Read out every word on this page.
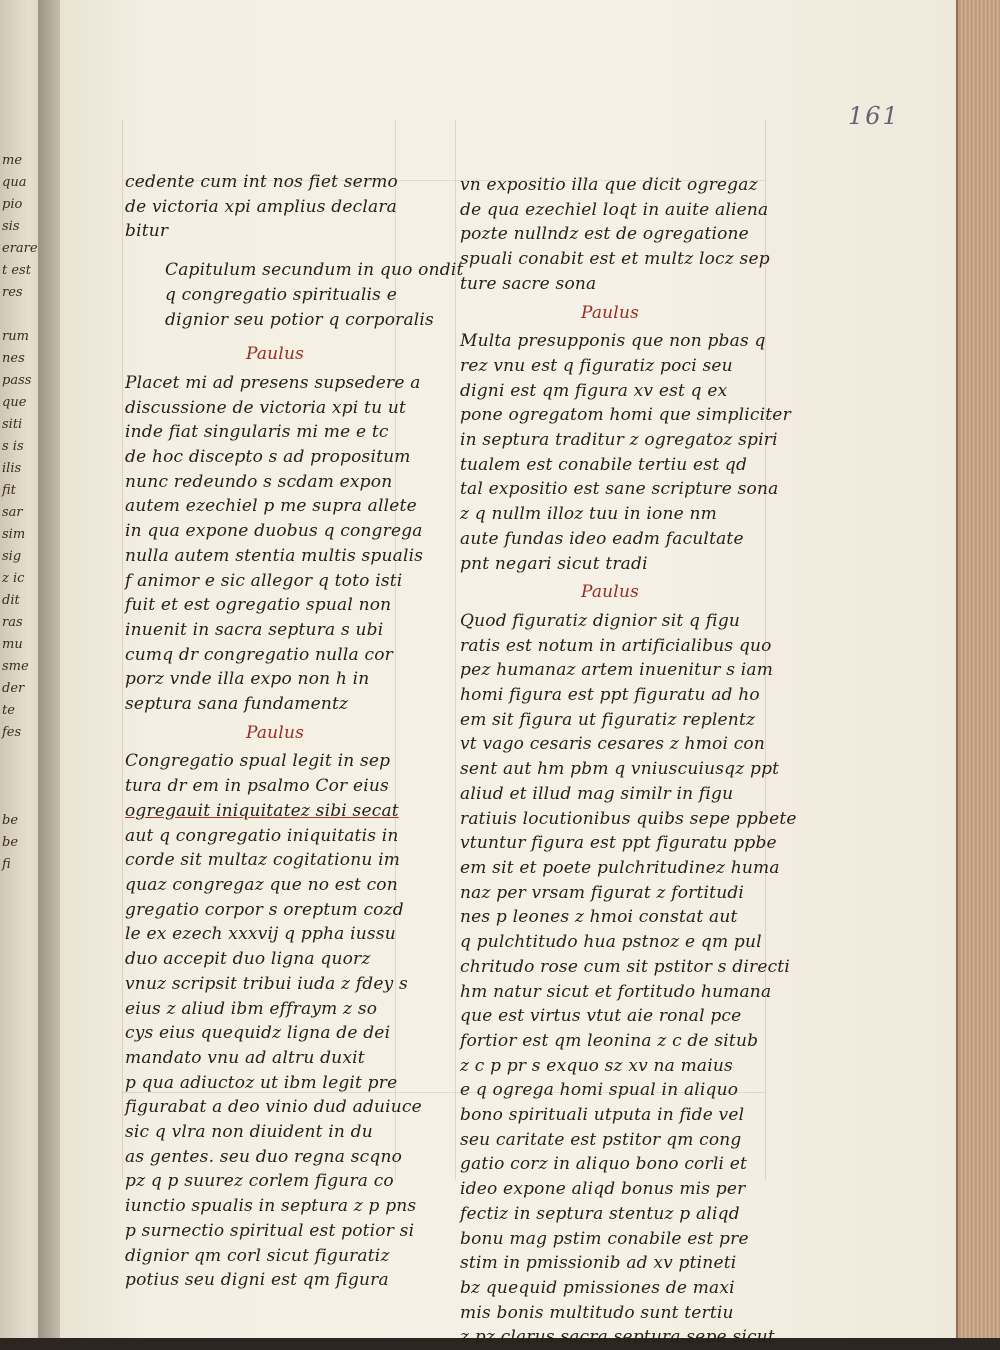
me
qua
pio
sis
erare
t est
res

rum
nes
pass
que
siti
s is
ilis
fit
sar
sim
sig
z ic
dit
ras
mu
sme
der
te
fes

be
be
fi
161
cedente cum int nos fiet sermo
de victoria xpi amplius declara
bitur
Capitulum secundum in quo ondit
q congregatio spiritualis e
dignior seu potior q corporalis
Paulus
Placet mi ad presens supsedere a
discussione de victoria xpi tu ut
inde fiat singularis mi me e tc
de hoc discepto s ad propositum
nunc redeundo s scdam expon
autem ezechiel p me supra allete
in qua expone duobus q congrega
nulla autem stentia multis spualis
f animor e sic allegor q toto isti
fuit et est ogregatio spual non
inuenit in sacra septura s ubi
cumq dr congregatio nulla cor
porz vnde illa expo non h in
septura sana fundamentz
Paulus
Congregatio spual legit in sep
tura dr em in psalmo Cor eius
ogregauit iniquitatez sibi secat
aut q congregatio iniquitatis in
corde sit multaz cogitationu im
quaz congregaz que no est con
gregatio corpor s oreptum cozd
le ex ezech xxxvij q ppha iussu
duo accepit duo ligna quorz
vnuz scripsit tribui iuda z fdey s
eius z aliud ibm effraym z so
cys eius quequidz ligna de dei
mandato vnu ad altru duxit
p qua adiuctoz ut ibm legit pre
figurabat a deo vinio dud aduiuce
sic q vlra non diuident in du
as gentes. seu duo regna scqno
pz q p suurez corlem figura co
iunctio spualis in septura z p pns
p surnectio spiritual est potior si
dignior qm corl sicut figuratiz
potius seu digni est qm figura
vn expositio illa que dicit ogregaz
de qua ezechiel loqt in auite aliena
pozte nullndz est de ogregatione
spuali conabit est et multz locz sep
ture sacre sona
Paulus
Multa presupponis que non pbas q
rez vnu est q figuratiz poci seu
digni est qm figura xv est q ex
pone ogregatom homi que simpliciter
in septura traditur z ogregatoz spiri
tualem est conabile tertiu est qd
tal expositio est sane scripture sona
z q nullm illoz tuu in ione nm
aute fundas ideo eadm facultate
pnt negari sicut tradi
Paulus
Quod figuratiz dignior sit q figu
ratis est notum in artificialibus quo
pez humanaz artem inuenitur s iam
homi figura est ppt figuratu ad ho
em sit figura ut figuratiz replentz
vt vago cesaris cesares z hmoi con
sent aut hm pbm q vniuscuiusqz ppt
aliud et illud mag similr in figu
ratiuis locutionibus quibs sepe ppbete
vtuntur figura est ppt figuratu ppbe
em sit et poete pulchritudinez huma
naz per vrsam figurat z fortitudi
nes p leones z hmoi constat aut
q pulchtitudo hua pstnoz e qm pul
chritudo rose cum sit pstitor s directi
hm natur sicut et fortitudo humana
que est virtus vtut aie ronal pce
fortior est qm leonina z c de situb
z c p pr s exquo sz xv na maius
e q ogrega homi spual in aliquo
bono spirituali utputa in fide vel
seu caritate est pstitor qm cong
gatio corz in aliquo bono corli et
ideo expone aliqd bonus mis per
fectiz in septura stentuz p aliqd
bonu mag pstim conabile est pre
stim in pmissionib ad xv ptineti
bz quequid pmissiones de maxi
mis bonis multitudo sunt tertiu
z pz clarus sacra septura sepe sicut
